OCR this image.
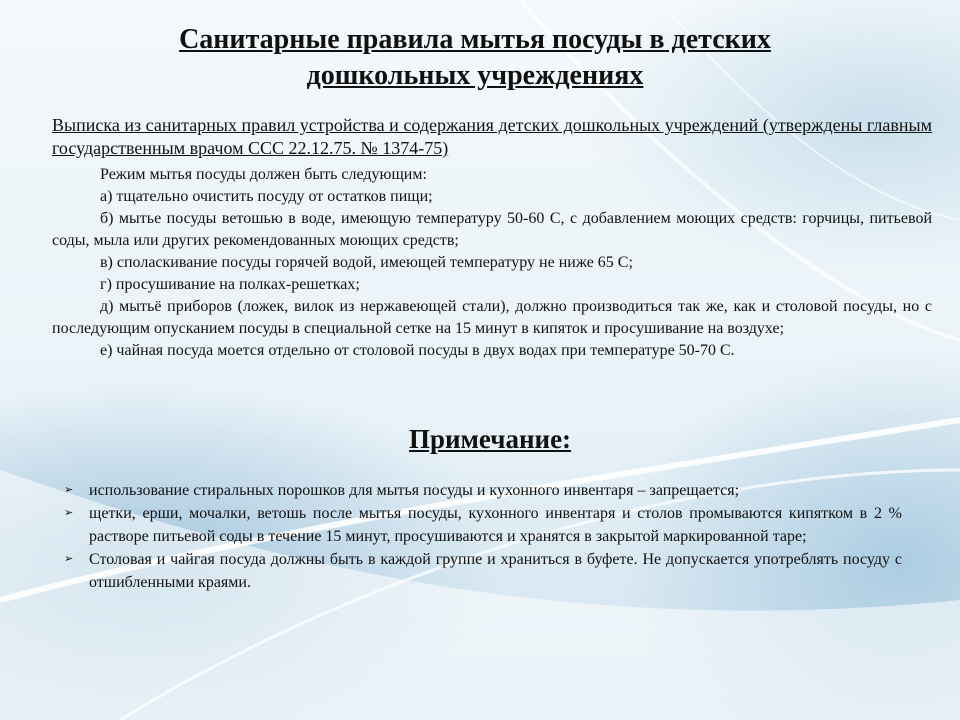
Санитарные правила мытья посуды в детских
дошкольных учреждениях

Выписка из санитарных правил устройства и содержания детских дошкольных учреждений (утверждены главным государственным врачом ССС 22.12.75. № 1374-75)

Режим мытья посуды должен быть следующим:

а) тщательно очистить посуду от остатков пищи;

б) мытье посуды ветошью в воде, имеющую температуру 50-60 С, с добавлением моющих средств: горчицы, питьевой соды, мыла или других рекомендованных моющих средств;

в) споласкивание посуды горячей водой, имеющей температуру не ниже 65 С;

г) просушивание на полках-решетках;

д) мытьё приборов (ложек, вилок из нержавеющей стали), должно производиться так же, как и столовой посуды, но с последующим опусканием посуды в специальной сетке на 15 минут в кипяток и просушивание на воздухе;

е) чайная посуда моется отдельно от столовой посуды в двух водах при температуре 50-70 С.

Примечание:
➢ использование стиральных порошков для мытья посуды и кухонного инвентаря – запрещается;
➢ щетки, ерши, мочалки, ветошь после мытья посуды, кухонного инвентаря и столов промываются кипятком в 2 % растворе питьевой соды в течение 15 минут, просушиваются и хранятся в закрытой маркированной таре;
➢ Столовая и чайгая посуда должны быть в каждой группе и храниться в буфете. Не допускается употреблять посуду с отшибленными краями.
